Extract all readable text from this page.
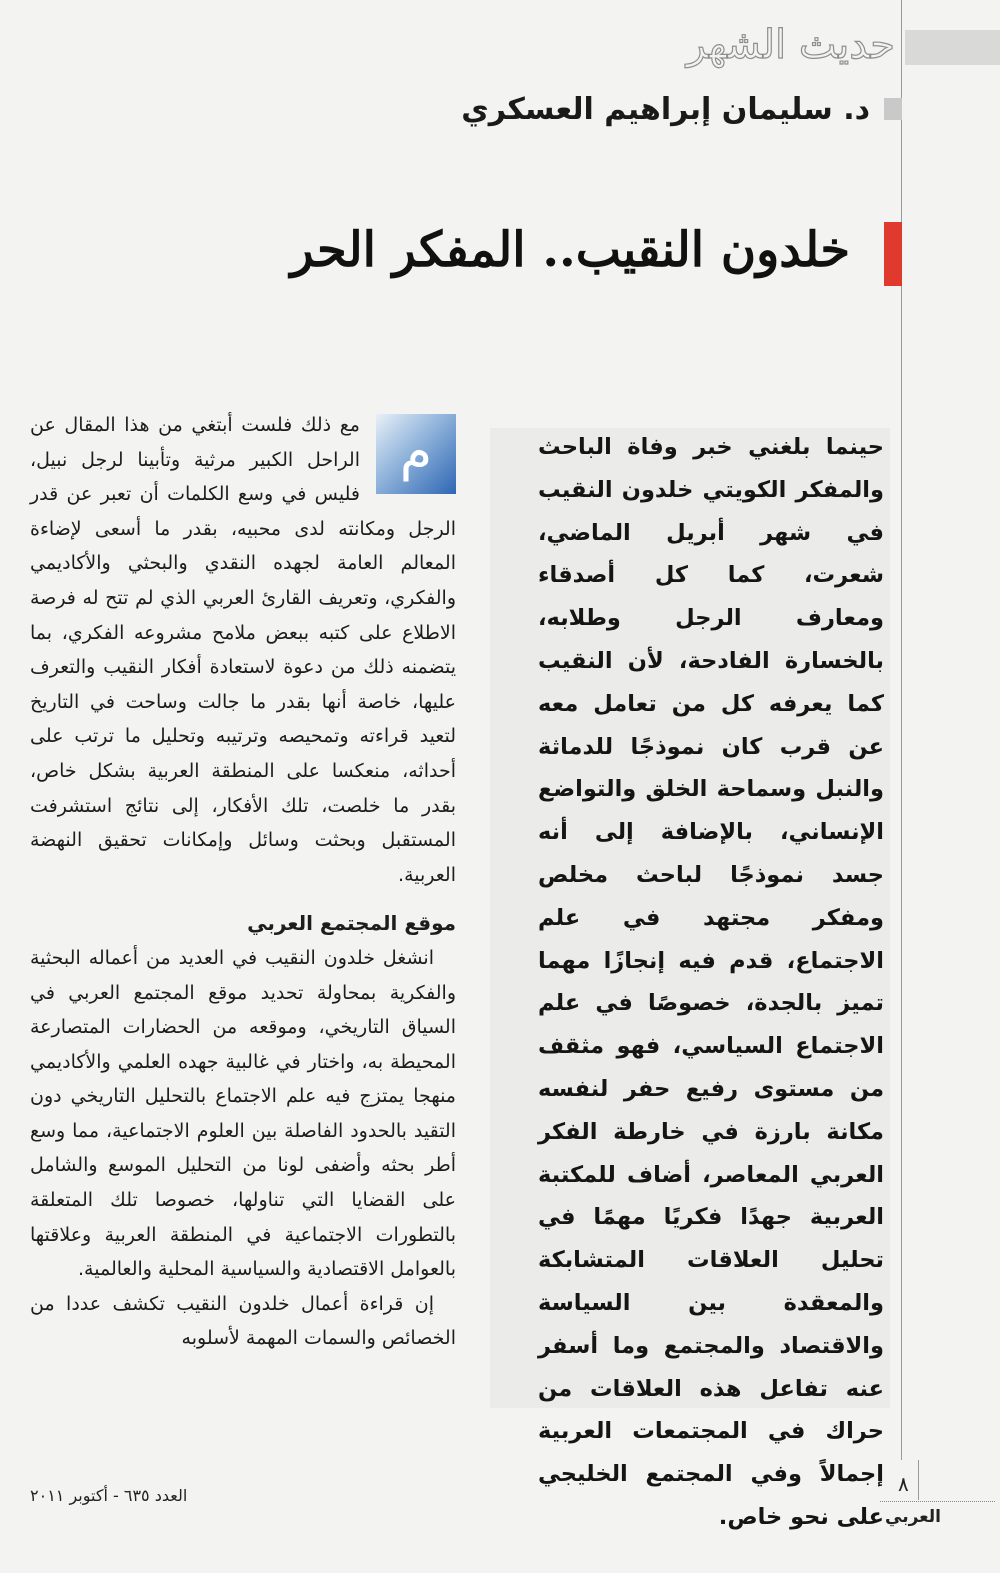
حديث الشهر
د. سليمان إبراهيم العسكري
خلدون النقيب.. المفكر الحر
حينما بلغني خبر وفاة الباحث والمفكر الكويتي خلدون النقيب في شهر أبريل الماضي، شعرت، كما كل أصدقاء ومعارف الرجل وطلابه، بالخسارة الفادحة، لأن النقيب كما يعرفه كل من تعامل معه عن قرب كان نموذجًا للدماثة والنبل وسماحة الخلق والتواضع الإنساني، بالإضافة إلى أنه جسد نموذجًا لباحث مخلص ومفكر مجتهد في علم الاجتماع، قدم فيه إنجازًا مهما تميز بالجدة، خصوصًا في علم الاجتماع السياسي، فهو مثقف من مستوى رفيع حفر لنفسه مكانة بارزة في خارطة الفكر العربي المعاصر، أضاف للمكتبة العربية جهدًا فكريًا مهمًا في تحليل العلاقات المتشابكة والمعقدة بين السياسة والاقتصاد والمجتمع وما أسفر عنه تفاعل هذه العلاقات من حراك في المجتمعات العربية إجمالاً وفي المجتمع الخليجي على نحو خاص.
م

مع ذلك فلست أبتغي من هذا المقال عن الراحل الكبير مرثية وتأبينا لرجل نبيل، فليس في وسع الكلمات أن تعبر عن قدر الرجل ومكانته لدى محبيه، بقدر ما أسعى لإضاءة المعالم العامة لجهده النقدي والبحثي والأكاديمي والفكري، وتعريف القارئ العربي الذي لم تتح له فرصة الاطلاع على كتبه ببعض ملامح مشروعه الفكري، بما يتضمنه ذلك من دعوة لاستعادة أفكار النقيب والتعرف عليها، خاصة أنها بقدر ما جالت وساحت في التاريخ لتعيد قراءته وتمحيصه وترتيبه وتحليل ما ترتب على أحداثه، منعكسا على المنطقة العربية بشكل خاص، بقدر ما خلصت، تلك الأفكار، إلى نتائج استشرفت المستقبل وبحثت وسائل وإمكانات تحقيق النهضة العربية.

موقع المجتمع العربي

انشغل خلدون النقيب في العديد من أعماله البحثية والفكرية بمحاولة تحديد موقع المجتمع العربي في السياق التاريخي، وموقعه من الحضارات المتصارعة المحيطة به، واختار في غالبية جهده العلمي والأكاديمي منهجا يمتزج فيه علم الاجتماع بالتحليل التاريخي دون التقيد بالحدود الفاصلة بين العلوم الاجتماعية، مما وسع أطر بحثه وأضفى لونا من التحليل الموسع والشامل على القضايا التي تناولها، خصوصا تلك المتعلقة بالتطورات الاجتماعية في المنطقة العربية وعلاقتها بالعوامل الاقتصادية والسياسية المحلية والعالمية.

إن قراءة أعمال خلدون النقيب تكشف عددا من الخصائص والسمات المهمة لأسلوبه

العدد ٦٣٥ - أكتوبر ٢٠١١	٨
العربي
